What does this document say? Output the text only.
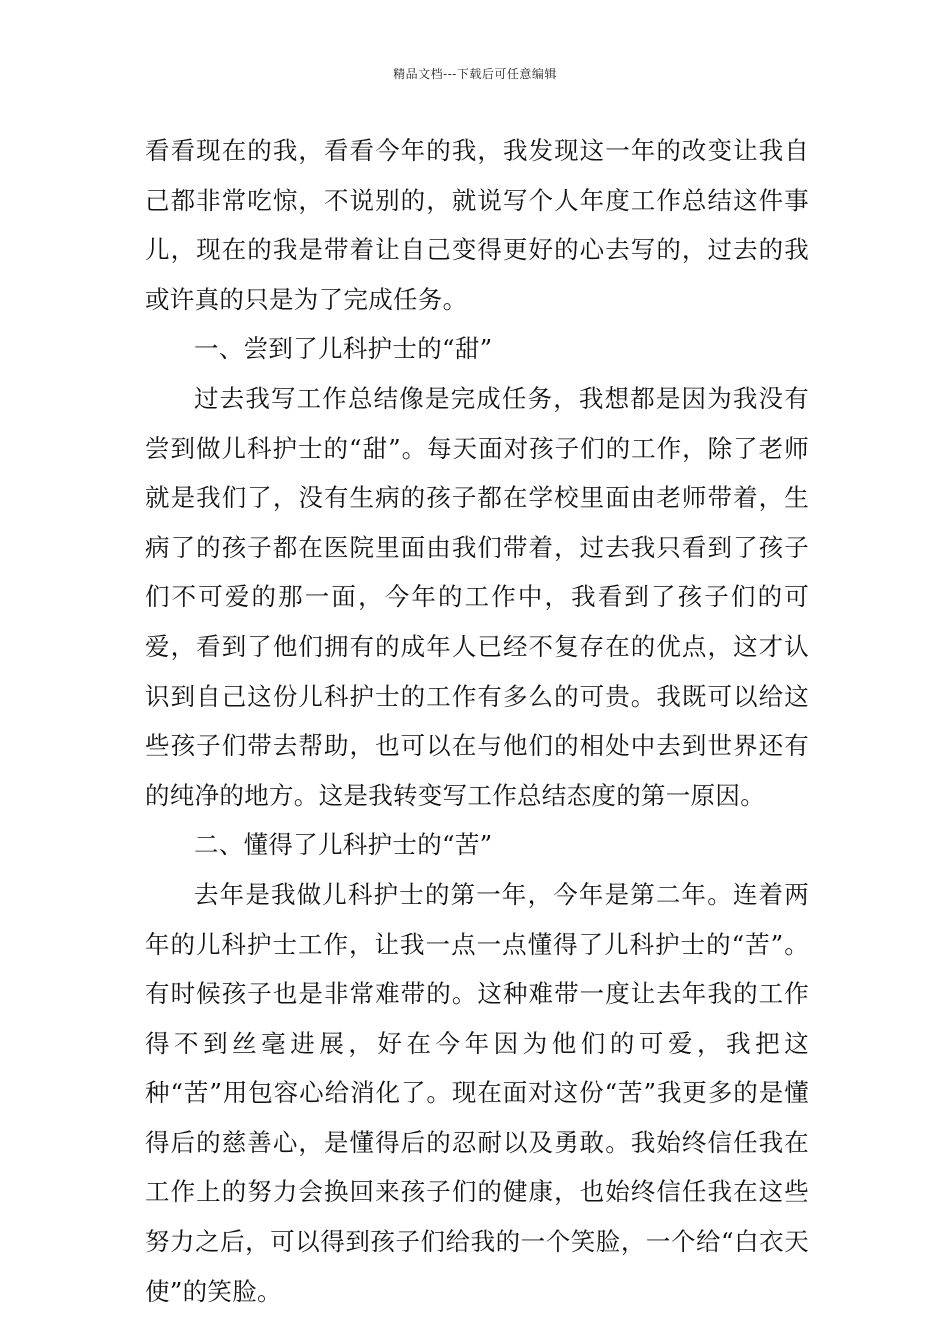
精品文档---下载后可任意编辑

看看现在的我，看看今年的我，我发现这一年的改变让我自己都非常吃惊，不说别的，就说写个人年度工作总结这件事儿，现在的我是带着让自己变得更好的心去写的，过去的我或许真的只是为了完成任务。

一、尝到了儿科护士的“甜”

过去我写工作总结像是完成任务，我想都是因为我没有尝到做儿科护士的“甜”。每天面对孩子们的工作，除了老师就是我们了，没有生病的孩子都在学校里面由老师带着，生病了的孩子都在医院里面由我们带着，过去我只看到了孩子们不可爱的那一面，今年的工作中，我看到了孩子们的可爱，看到了他们拥有的成年人已经不复存在的优点，这才认识到自己这份儿科护士的工作有多么的可贵。我既可以给这些孩子们带去帮助，也可以在与他们的相处中去到世界还有的纯净的地方。这是我转变写工作总结态度的第一原因。

二、懂得了儿科护士的“苦”

去年是我做儿科护士的第一年，今年是第二年。连着两年的儿科护士工作，让我一点一点懂得了儿科护士的“苦”。有时候孩子也是非常难带的。这种难带一度让去年我的工作得不到丝毫进展，好在今年因为他们的可爱，我把这种“苦”用包容心给消化了。现在面对这份“苦”我更多的是懂得后的慈善心，是懂得后的忍耐以及勇敢。我始终信任我在工作上的努力会换回来孩子们的健康，也始终信任我在这些努力之后，可以得到孩子们给我的一个笑脸，一个给“白衣天使”的笑脸。
